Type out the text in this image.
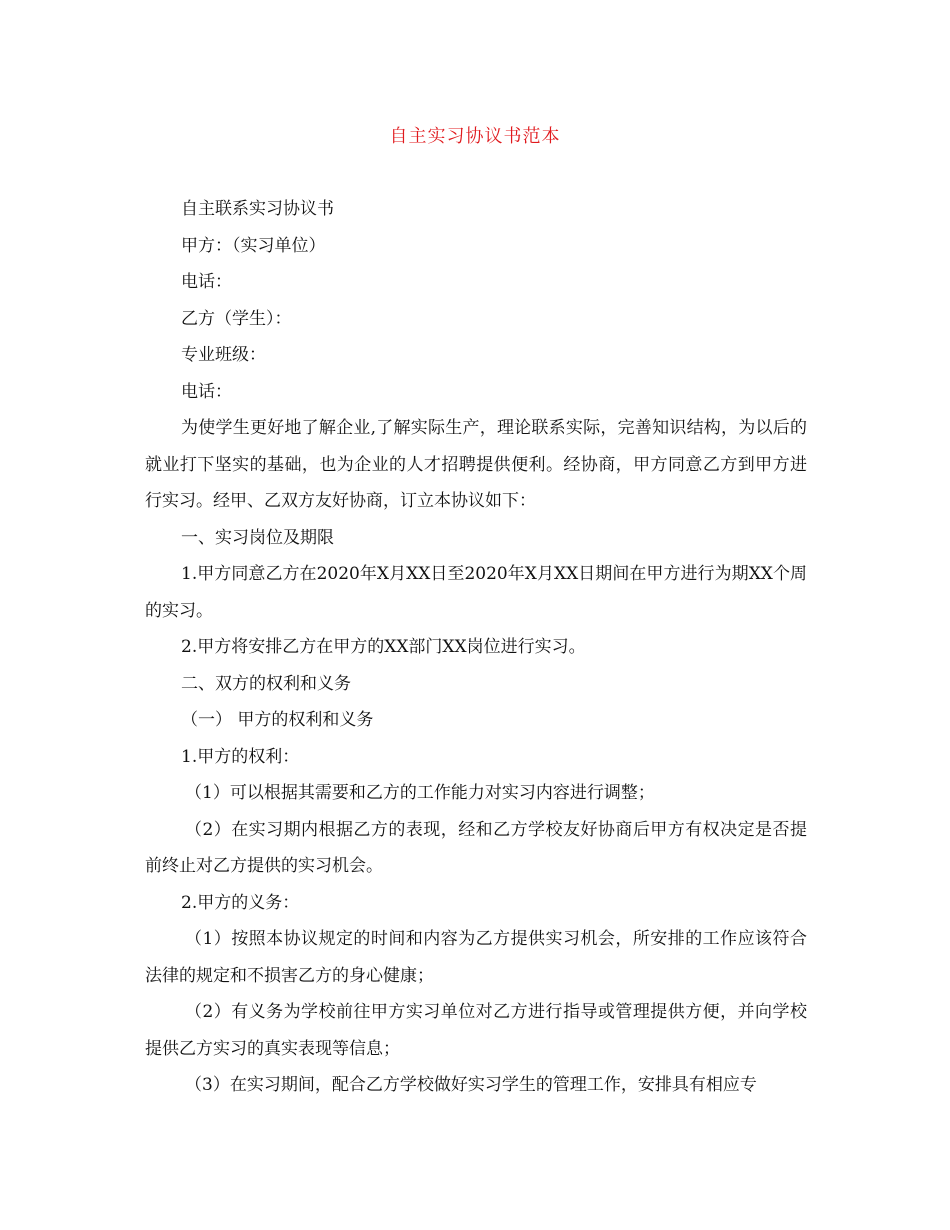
自主实习协议书范本

自主联系实习协议书

甲方：（实习单位）

电话：

乙方（学生）：

专业班级：

电话：

为使学生更好地了解企业,了解实际生产，理论联系实际，完善知识结构，为以后的就业打下坚实的基础，也为企业的人才招聘提供便利。经协商，甲方同意乙方到甲方进行实习。经甲、乙双方友好协商，订立本协议如下：

一、实习岗位及期限

1.甲方同意乙方在2020年X月XX日至2020年X月XX日期间在甲方进行为期XX个周的实习。

2.甲方将安排乙方在甲方的XX部门XX岗位进行实习。

二、双方的权利和义务

（一） 甲方的权利和义务

1.甲方的权利：

（1）可以根据其需要和乙方的工作能力对实习内容进行调整；

（2）在实习期内根据乙方的表现，经和乙方学校友好协商后甲方有权决定是否提前终止对乙方提供的实习机会。

2.甲方的义务：

（1）按照本协议规定的时间和内容为乙方提供实习机会，所安排的工作应该符合法律的规定和不损害乙方的身心健康；

（2）有义务为学校前往甲方实习单位对乙方进行指导或管理提供方便，并向学校提供乙方实习的真实表现等信息；

（3）在实习期间，配合乙方学校做好实习学生的管理工作，安排具有相应专
